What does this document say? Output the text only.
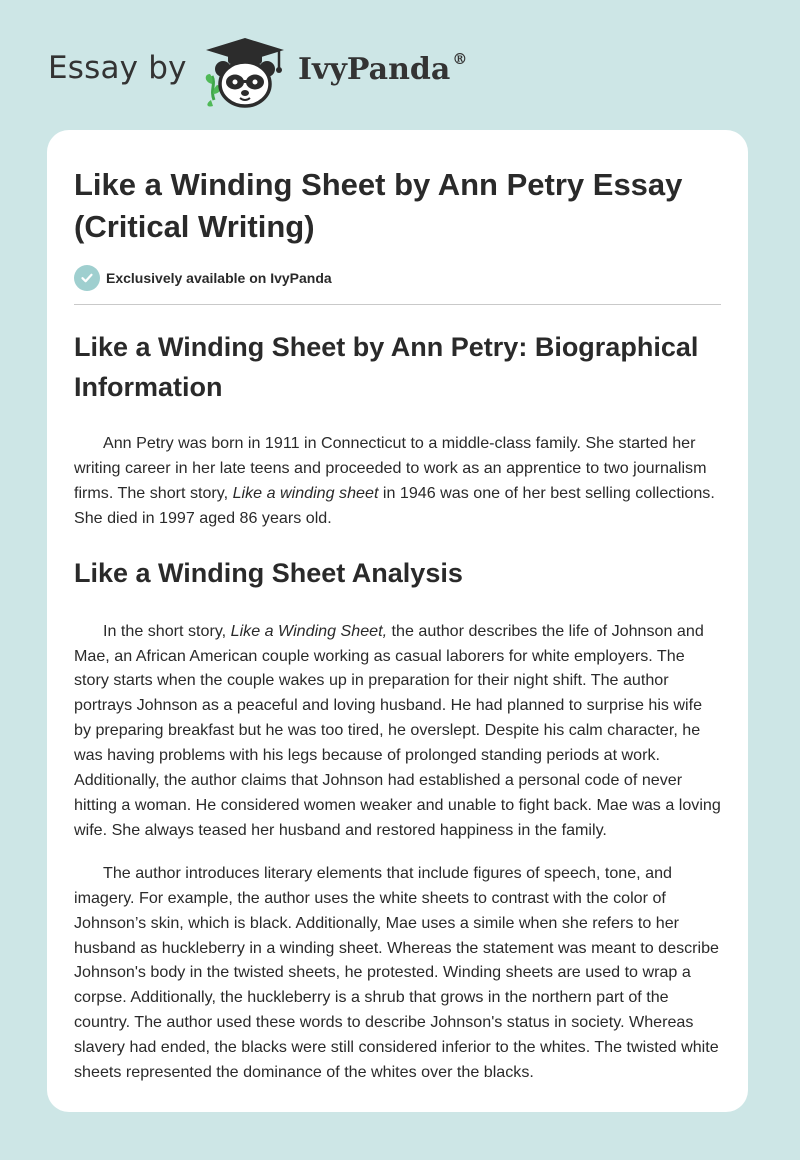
Essay by	IvyPanda ®
Like a Winding Sheet by Ann Petry Essay (Critical Writing)
Exclusively available on IvyPanda
Like a Winding Sheet by Ann Petry: Biographical Information

Ann Petry was born in 1911 in Connecticut to a middle-class family. She started her writing career in her late teens and proceeded to work as an apprentice to two journalism firms. The short story, Like a winding sheet in 1946 was one of her best selling collections. She died in 1997 aged 86 years old.

Like a Winding Sheet Analysis

In the short story, Like a Winding Sheet, the author describes the life of Johnson and Mae, an African American couple working as casual laborers for white employers. The story starts when the couple wakes up in preparation for their night shift. The author portrays Johnson as a peaceful and loving husband. He had planned to surprise his wife by preparing breakfast but he was too tired, he overslept. Despite his calm character, he was having problems with his legs because of prolonged standing periods at work. Additionally, the author claims that Johnson had established a personal code of never hitting a woman. He considered women weaker and unable to fight back. Mae was a loving wife. She always teased her husband and restored happiness in the family.

The author introduces literary elements that include figures of speech, tone, and imagery. For example, the author uses the white sheets to contrast with the color of Johnson’s skin, which is black. Additionally, Mae uses a simile when she refers to her husband as huckleberry in a winding sheet. Whereas the statement was meant to describe Johnson's body in the twisted sheets, he protested. Winding sheets are used to wrap a corpse. Additionally, the huckleberry is a shrub that grows in the northern part of the country. The author used these words to describe Johnson's status in society. Whereas slavery had ended, the blacks were still considered inferior to the whites. The twisted white sheets represented the dominance of the whites over the blacks.
